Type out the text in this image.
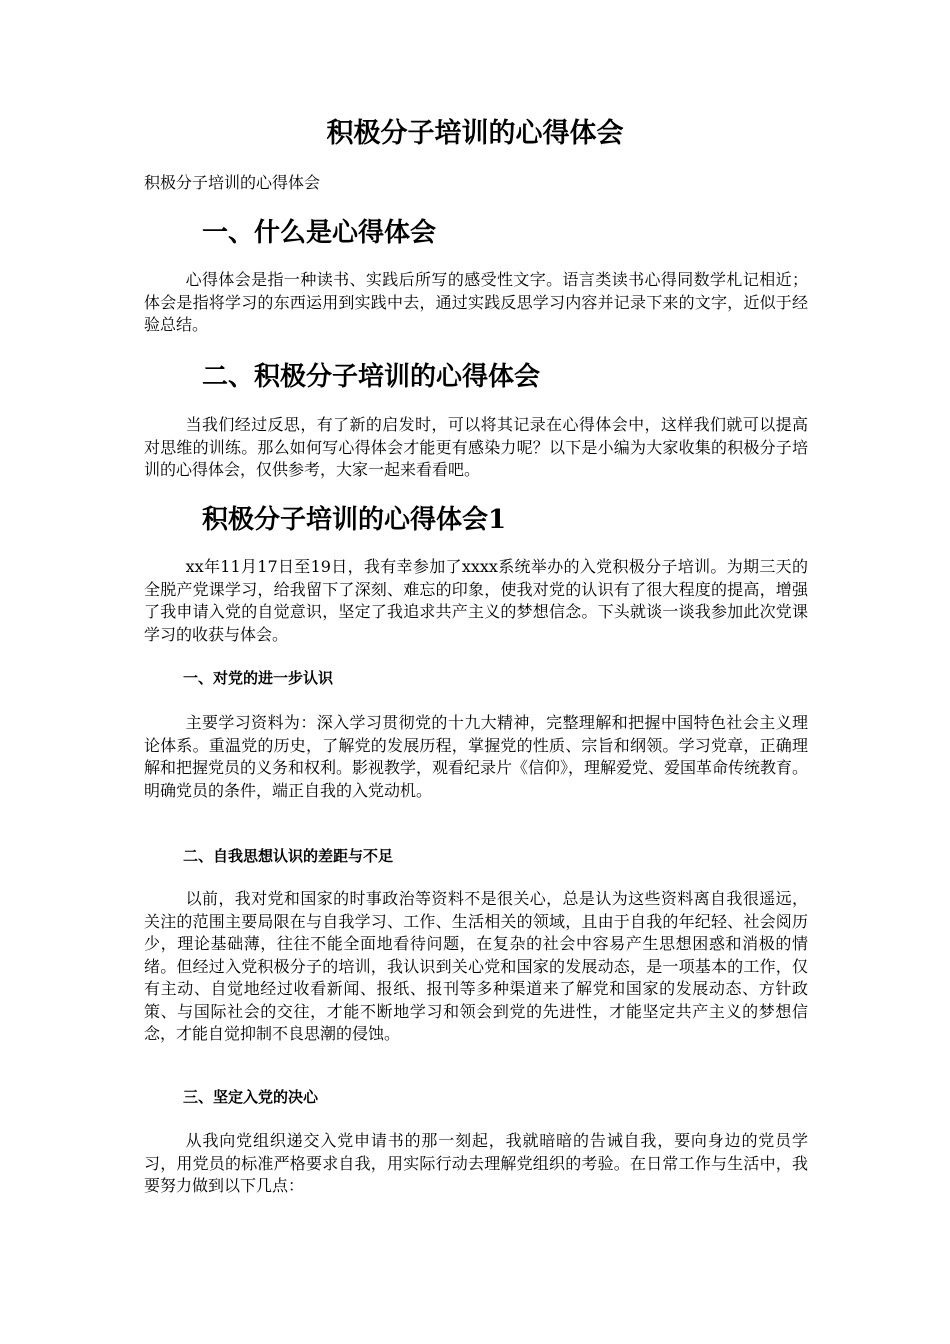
积极分子培训的心得体会
积极分子培训的心得体会
一、什么是心得体会
心得体会是指一种读书、实践后所写的感受性文字。语言类读书心得同数学札记相近；体会是指将学习的东西运用到实践中去，通过实践反思学习内容并记录下来的文字，近似于经验总结。
二、积极分子培训的心得体会
当我们经过反思，有了新的启发时，可以将其记录在心得体会中，这样我们就可以提高对思维的训练。那么如何写心得体会才能更有感染力呢？以下是小编为大家收集的积极分子培训的心得体会，仅供参考，大家一起来看看吧。
积极分子培训的心得体会1
xx年11月17日至19日，我有幸参加了xxxx系统举办的入党积极分子培训。为期三天的全脱产党课学习，给我留下了深刻、难忘的印象，使我对党的认识有了很大程度的提高，增强了我申请入党的自觉意识，坚定了我追求共产主义的梦想信念。下头就谈一谈我参加此次党课学习的收获与体会。
一、对党的进一步认识
主要学习资料为：深入学习贯彻党的十九大精神，完整理解和把握中国特色社会主义理论体系。重温党的历史，了解党的发展历程，掌握党的性质、宗旨和纲领。学习党章，正确理解和把握党员的义务和权利。影视教学，观看纪录片《信仰》，理解爱党、爱国革命传统教育。明确党员的条件，端正自我的入党动机。
二、自我思想认识的差距与不足
以前，我对党和国家的时事政治等资料不是很关心，总是认为这些资料离自我很遥远，关注的范围主要局限在与自我学习、工作、生活相关的领域，且由于自我的年纪轻、社会阅历少，理论基础薄，往往不能全面地看待问题，在复杂的社会中容易产生思想困惑和消极的情绪。但经过入党积极分子的培训，我认识到关心党和国家的发展动态，是一项基本的工作，仅有主动、自觉地经过收看新闻、报纸、报刊等多种渠道来了解党和国家的发展动态、方针政策、与国际社会的交往，才能不断地学习和领会到党的先进性，才能坚定共产主义的梦想信念，才能自觉抑制不良思潮的侵蚀。
三、坚定入党的决心
从我向党组织递交入党申请书的那一刻起，我就暗暗的告诫自我，要向身边的党员学习，用党员的标准严格要求自我，用实际行动去理解党组织的考验。在日常工作与生活中，我要努力做到以下几点：
